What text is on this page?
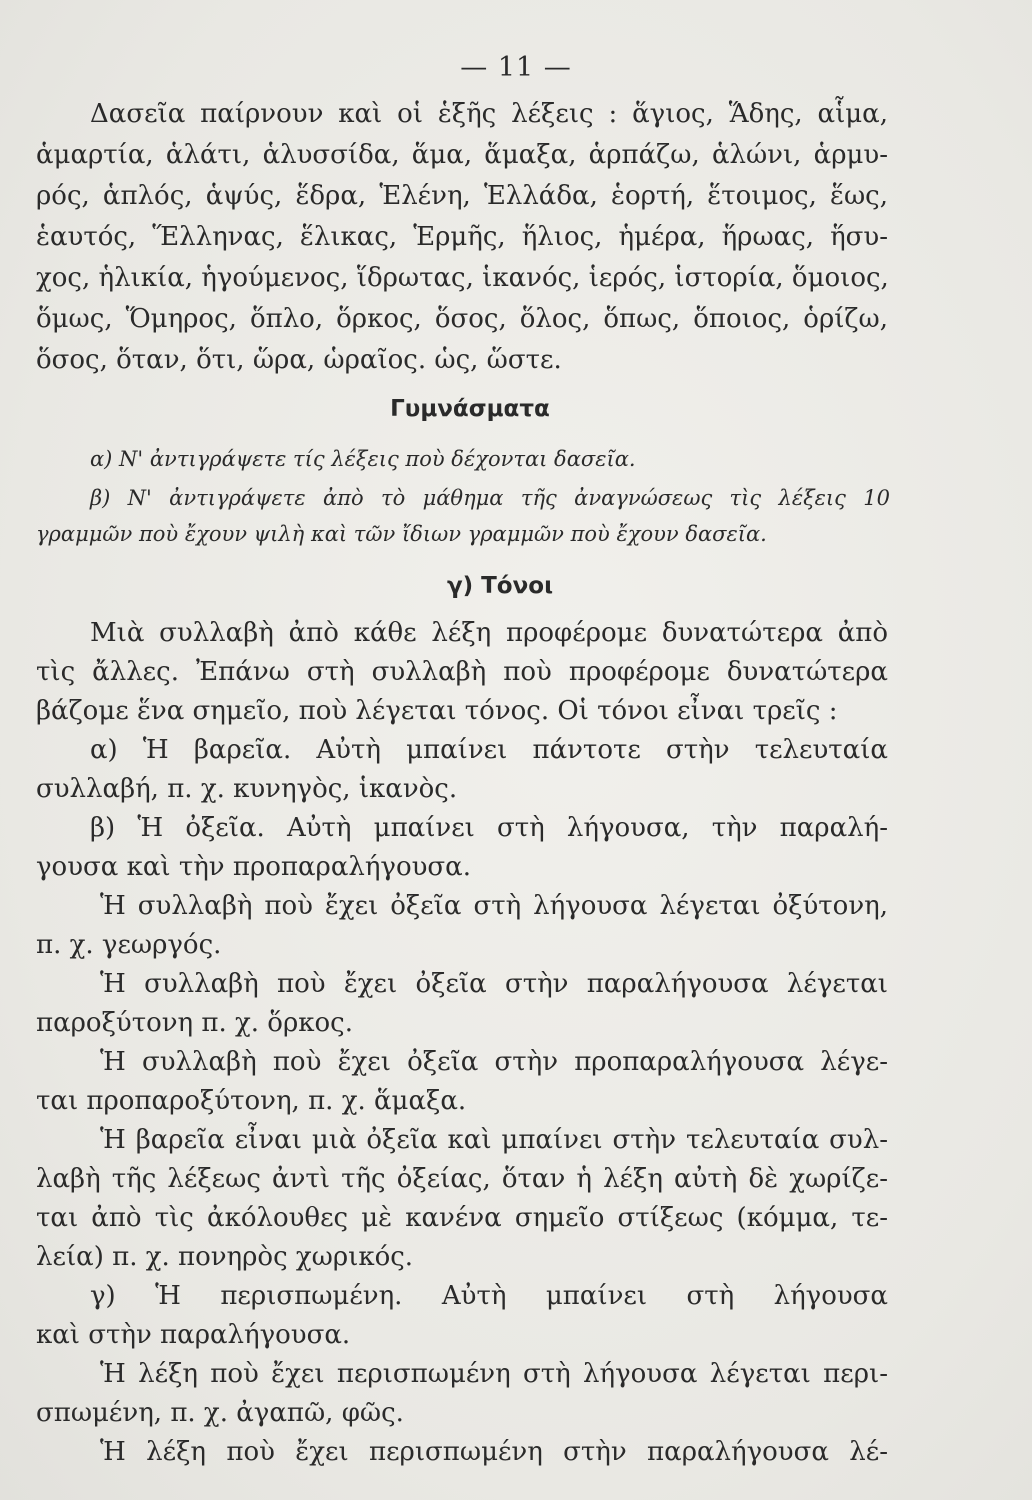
— 11 —
Δασεῖα παίρνουν καὶ οἱ ἑξῆς λέξεις : ἅγιος, Ἅδης, αἷμα,
ἁμαρτία, ἁλάτι, ἁλυσσίδα, ἅμα, ἅμαξα, ἁρπάζω, ἁλώνι, ἁρμυ-
ρός, ἁπλός, ἁψύς, ἕδρα, Ἑλένη, Ἑλλάδα, ἑορτή, ἕτοιμος, ἕως,
ἑαυτός, Ἕλληνας, ἕλικας, Ἑρμῆς, ἥλιος, ἡμέρα, ἥρωας, ἥσυ-
χος, ἡλικία, ἡγούμενος, ἵδρωτας, ἱκανός, ἱερός, ἱστορία, ὅμοιος,
ὅμως, Ὅμηρος, ὅπλο, ὅρκος, ὅσος, ὅλος, ὅπως, ὅποιος, ὁρίζω,
ὅσος, ὅταν, ὅτι, ὥρα, ὡραῖος. ὡς, ὥστε.
Γυμνάσματα
α) Ν' ἀντιγράψετε τίς λέξεις ποὺ δέχονται δασεῖα.
β) Ν' ἀντιγράψετε ἀπὸ τὸ μάθημα τῆς ἀναγνώσεως τὶς λέξεις 10
γραμμῶν ποὺ ἔχουν ψιλὴ καὶ τῶν ἴδιων γραμμῶν ποὺ ἔχουν δασεῖα.
γ) Τόνοι
Μιὰ συλλαβὴ ἀπὸ κάθε λέξη προφέρομε δυνατώτερα ἀπὸ
τὶς ἄλλες. Ἐπάνω στὴ συλλαβὴ ποὺ προφέρομε δυνατώτερα
βάζομε ἕνα σημεῖο, ποὺ λέγεται τόνος. Οἱ τόνοι εἶναι τρεῖς :
α) Ἡ βαρεῖα. Αὐτὴ μπαίνει πάντοτε στὴν τελευταία
συλλαβή, π. χ. κυνηγὸς, ἱκανὸς.
β) Ἡ ὀξεῖα. Αὐτὴ μπαίνει στὴ λήγουσα, τὴν παραλή-
γουσα καὶ τὴν προπαραλήγουσα.
Ἡ συλλαβὴ ποὺ ἔχει ὀξεῖα στὴ λήγουσα λέγεται ὀξύτονη,
π. χ. γεωργός.
Ἡ συλλαβὴ ποὺ ἔχει ὀξεῖα στὴν παραλήγουσα λέγεται
παροξύτονη π. χ. ὅρκος.
Ἡ συλλαβὴ ποὺ ἔχει ὀξεῖα στὴν προπαραλήγουσα λέγε-
ται προπαροξύτονη, π. χ. ἅμαξα.
Ἡ βαρεῖα εἶναι μιὰ ὀξεῖα καὶ μπαίνει στὴν τελευταία συλ-
λαβὴ τῆς λέξεως ἀντὶ τῆς ὀξείας, ὅταν ἡ λέξη αὐτὴ δὲ χωρίζε-
ται ἀπὸ τὶς ἀκόλουθες μὲ κανένα σημεῖο στίξεως (κόμμα, τε-
λεία) π. χ. πονηρὸς χωρικός.
γ) Ἡ περισπωμένη. Αὐτὴ μπαίνει στὴ λήγουσα
καὶ στὴν παραλήγουσα.
Ἡ λέξη ποὺ ἔχει περισπωμένη στὴ λήγουσα λέγεται περι-
σπωμένη, π. χ. ἀγαπῶ, φῶς.
Ἡ λέξη ποὺ ἔχει περισπωμένη στὴν παραλήγουσα λέ-
